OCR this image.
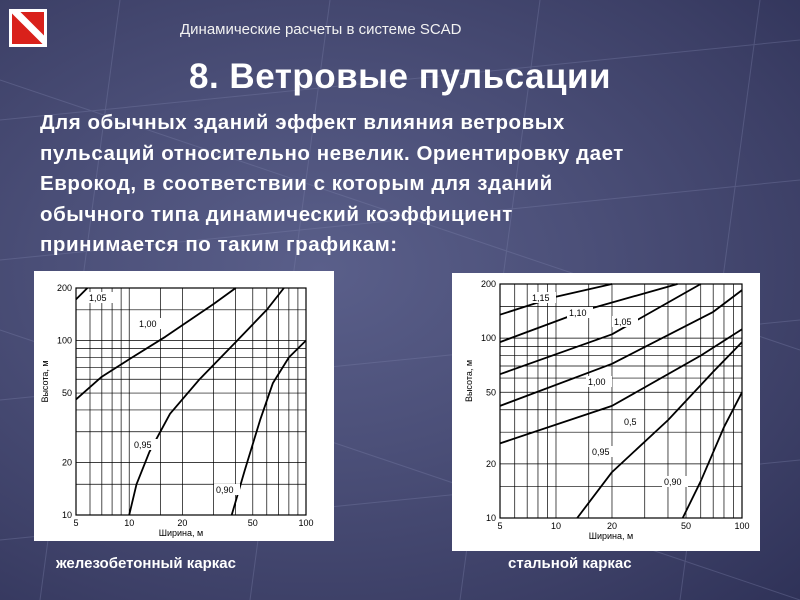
Динамические расчеты в системе SCAD
8. Ветровые пульсации
Для обычных зданий эффект влияния ветровых
пульсаций относительно невелик. Ориентировку дает
Еврокод, в соответствии с которым для зданий
обычного типа динамический коэффициент
принимается по таким графикам:
5	10	20	50	100
10
20
50
100
200
Ширина, м
Высота, м
1,05
1,00
0,95
0,90
5	10	20	50	100
10
20
50
100
200
Ширина, м
Высота, м
1,15
1,10
1,05
1,00
0,5
0,95
0,90
железобетонный каркас	стальной каркас
